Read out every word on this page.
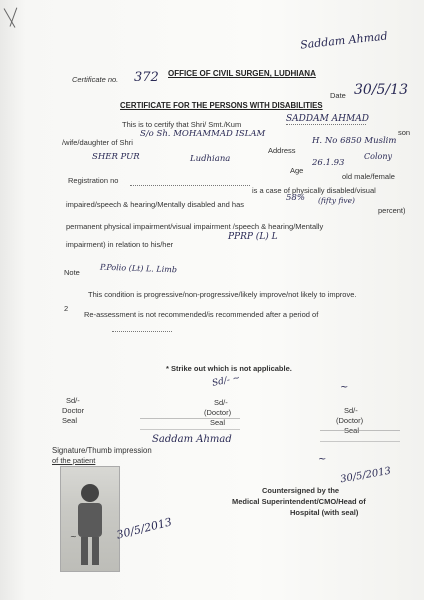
Saddam Ahmad
Certificate no. 372 OFFICE OF CIVIL SURGEN, LUDHIANA
Date 30/5/13
CERTIFICATE FOR THE PERSONS WITH DISABILITIES
This is to certify that Shri/ Smt./Kum
SADDAM AHMAD
son
/wife/daughter of Shri
S/o Sh. MOHAMMAD ISLAM
Address
H. No 6850 Muslim
SHER PUR	Ludhiana
Age
26.1.93
Colony
old male/female
Registration no
is a case of physically disabled/visual
impaired/speech & hearing/Mentally disabled and has
58% (fifty five)
percent)
permanent physical impairment/visual impairment /speech & hearing/Mentally
impairment) in relation to his/her
PPRP (L) L
Note	P.Polio (Lt) L. Limb
This condition is progressive/non-progressive/likely improve/not likely to improve.
2
Re-assessment is not recommended/is recommended after a period of
* Strike out which is not applicable.
Sd/- ~
Sd/-
Doctor
Seal
Sd/-
(Doctor)
Seal
~
Sd/-
(Doctor)
Seal
Saddam Ahmad
Signature/Thumb impression
of the patient
30/5/2013
~
Countersigned by the
Medical Superintendent/CMO/Head of
Hospital (with seal)
30/5/2013
~
